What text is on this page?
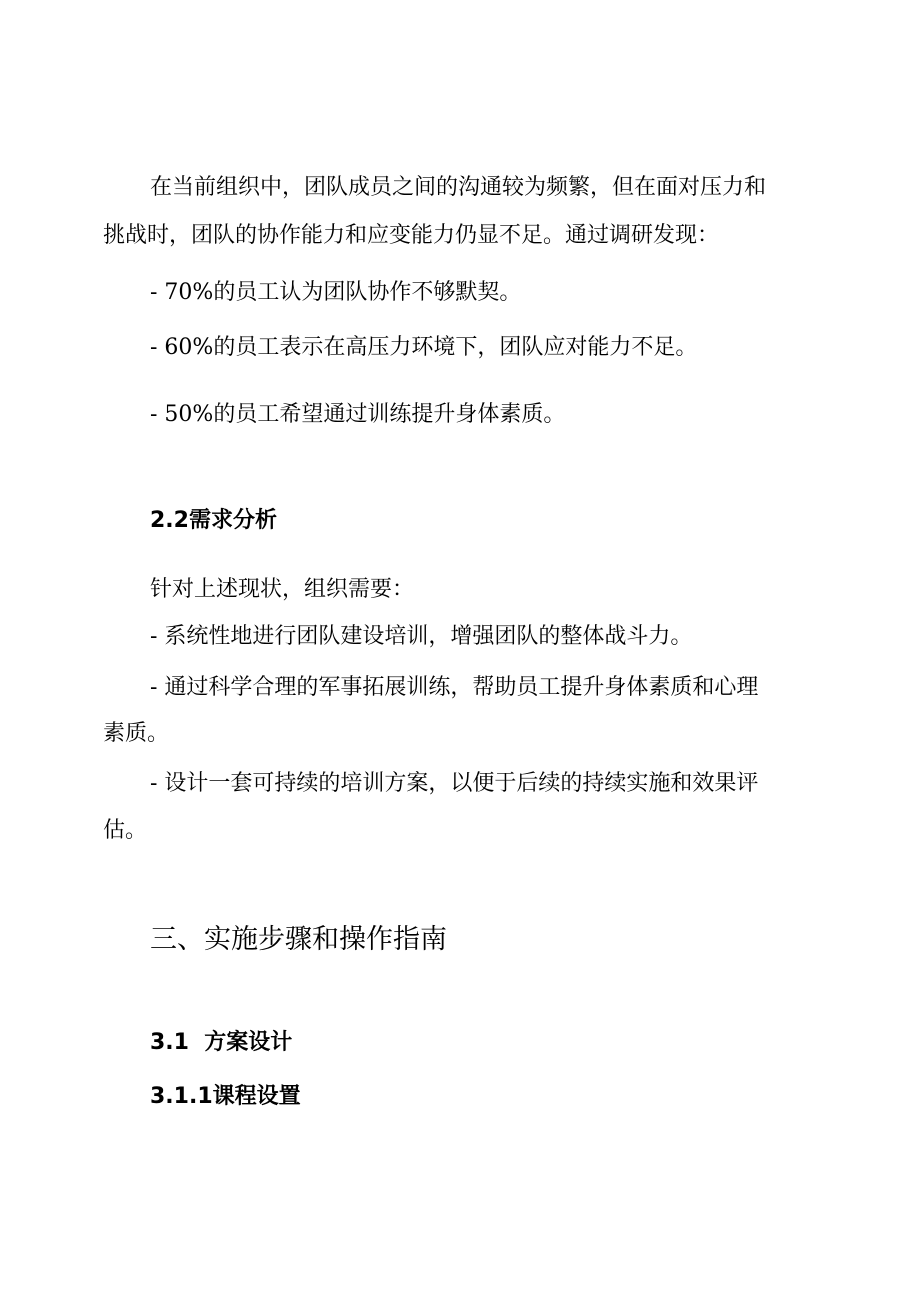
在当前组织中，团队成员之间的沟通较为频繁，但在面对压力和
挑战时，团队的协作能力和应变能力仍显不足。通过调研发现：
- 70%的员工认为团队协作不够默契。
- 60%的员工表示在高压力环境下，团队应对能力不足。
- 50%的员工希望通过训练提升身体素质。
2.2需求分析
针对上述现状，组织需要：
- 系统性地进行团队建设培训，增强团队的整体战斗力。
- 通过科学合理的军事拓展训练，帮助员工提升身体素质和心理
素质。
- 设计一套可持续的培训方案，以便于后续的持续实施和效果评
估。
三、实施步骤和操作指南
3.1  方案设计
3.1.1课程设置
